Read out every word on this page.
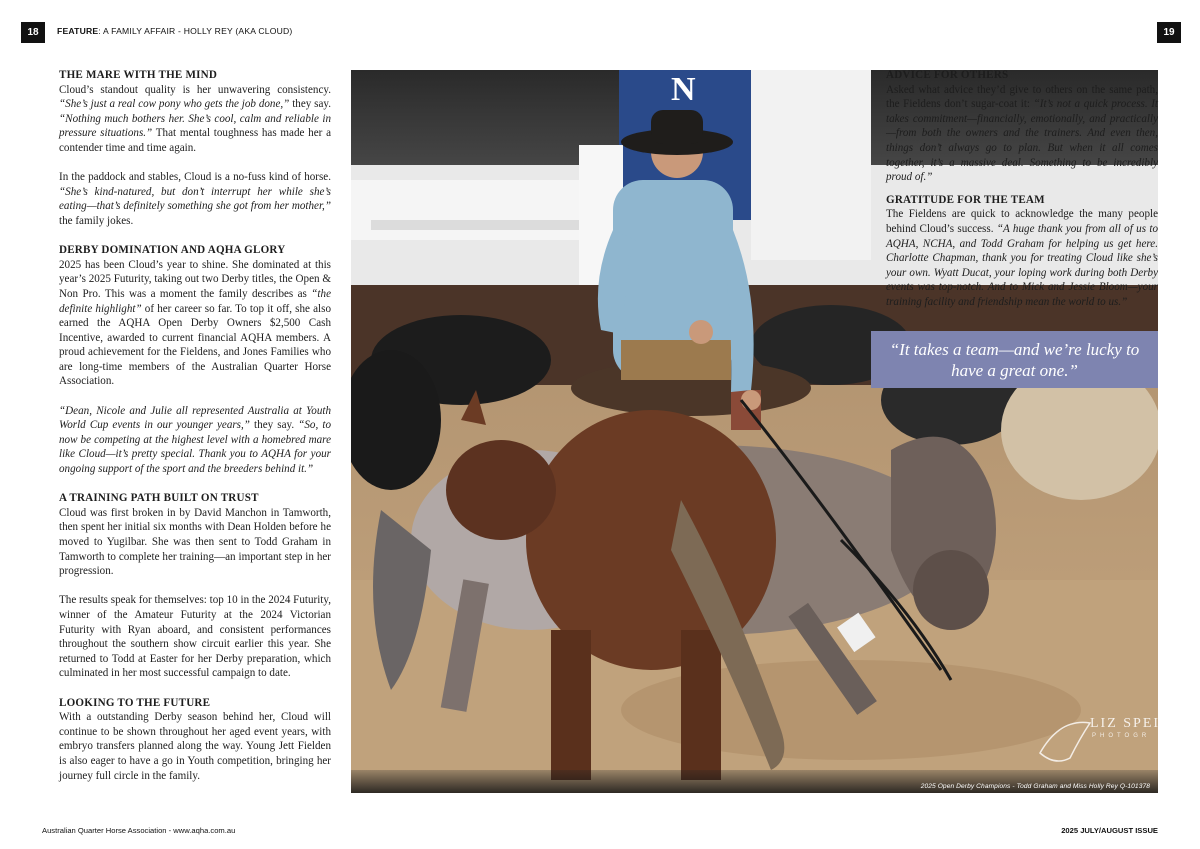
18	19
FEATURE: A FAMILY AFFAIR - HOLLY REY (AKA CLOUD)
THE MARE WITH THE MIND

Cloud’s standout quality is her unwavering consistency. “She’s just a real cow pony who gets the job done,” they say. “Nothing much bothers her. She’s cool, calm and reliable in pressure situations.” That mental toughness has made her a contender time and time again.

In the paddock and stables, Cloud is a no-fuss kind of horse. “She’s kind-natured, but don’t interrupt her while she’s eating—that’s definitely something she got from her mother,” the family jokes.

DERBY DOMINATION AND AQHA GLORY

2025 has been Cloud’s year to shine. She dominated at this year’s 2025 Futurity, taking out two Derby titles, the Open & Non Pro. This was a moment the family describes as “the definite highlight” of her career so far. To top it off, she also earned the AQHA Open Derby Owners $2,500 Cash Incentive, awarded to current financial AQHA members. A proud achievement for the Fieldens, and Jones Families who are long-time members of the Australian Quarter Horse Association.

“Dean, Nicole and Julie all represented Australia at Youth World Cup events in our younger years,” they say. “So, to now be competing at the highest level with a homebred mare like Cloud—it’s pretty special. Thank you to AQHA for your ongoing support of the sport and the breeders behind it.”

A TRAINING PATH BUILT ON TRUST

Cloud was first broken in by David Manchon in Tamworth, then spent her initial six months with Dean Holden before he moved to Yugilbar. She was then sent to Todd Graham in Tamworth to complete her training—an important step in her progression.

The results speak for themselves: top 10 in the 2024 Futurity, winner of the Amateur Futurity at the 2024 Victorian Futurity with Ryan aboard, and consistent performances throughout the southern show circuit earlier this year. She returned to Todd at Easter for her Derby preparation, which culminated in her most successful campaign to date.

LOOKING TO THE FUTURE

With a outstanding Derby season behind her, Cloud will continue to be shown throughout her aged event years, with embryo transfers planned along the way. Young Jett Fielden is also eager to have a go in Youth competition, bringing her journey full circle in the family.

N
LIZ SPEI
PHOTOGR
2025 Open Derby Champions - Todd Graham and Miss Holly Rey Q-101378
ADVICE FOR OTHERS

Asked what advice they’d give to others on the same path, the Fieldens don’t sugar-coat it: “It’s not a quick process. It takes commitment—financially, emotionally, and practically—from both the owners and the trainers. And even then, things don’t always go to plan. But when it all comes together, it’s a massive deal. Something to be incredibly proud of.”

GRATITUDE FOR THE TEAM

The Fieldens are quick to acknowledge the many people behind Cloud’s success. “A huge thank you from all of us to AQHA, NCHA, and Todd Graham for helping us get here. Charlotte Chapman, thank you for treating Cloud like she’s your own. Wyatt Ducat, your loping work during both Derby events was top-notch. And to Mick and Jessie Bloom—your training facility and friendship mean the world to us.”

“It takes a team—and we’re lucky to have a great one.”
Australian Quarter Horse Association - www.aqha.com.au	2025 JULY/AUGUST ISSUE
